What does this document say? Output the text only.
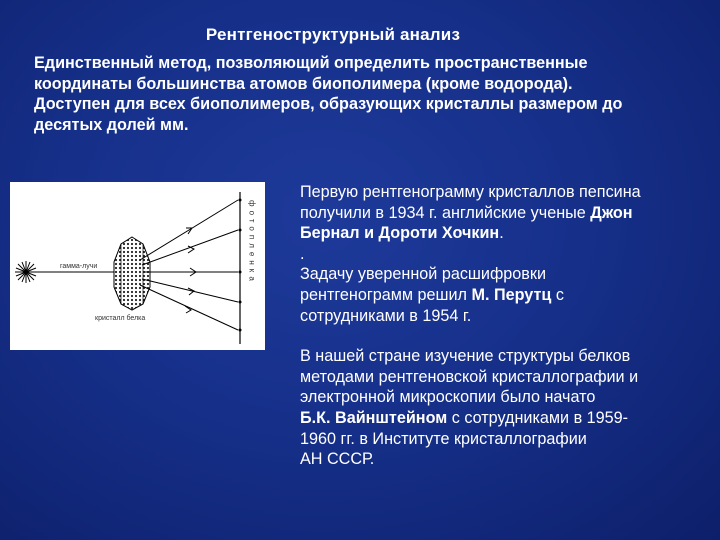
Рентгеноструктурный анализ
Единственный метод, позволяющий определить пространственные
координаты большинства атомов биополимера (кроме водорода).
Доступен для всех биополимеров, образующих кристаллы размером до
десятых долей мм.
гамма-лучи
кристалл белка
фотопленка

Первую рентгенограмму кристаллов пепсина
получили в 1934 г. английские ученые Джон
Бернал и Дороти Хочкин.
.
Задачу уверенной расшифровки
рентгенограмм решил М. Перутц с
сотрудниками в 1954 г.

В нашей стране изучение структуры белков
методами рентгеновской кристаллографии и
электронной микроскопии было начато
Б.К. Вайнштейном с сотрудниками в 1959-
1960 гг. в Институте кристаллографии
АН СССР.
